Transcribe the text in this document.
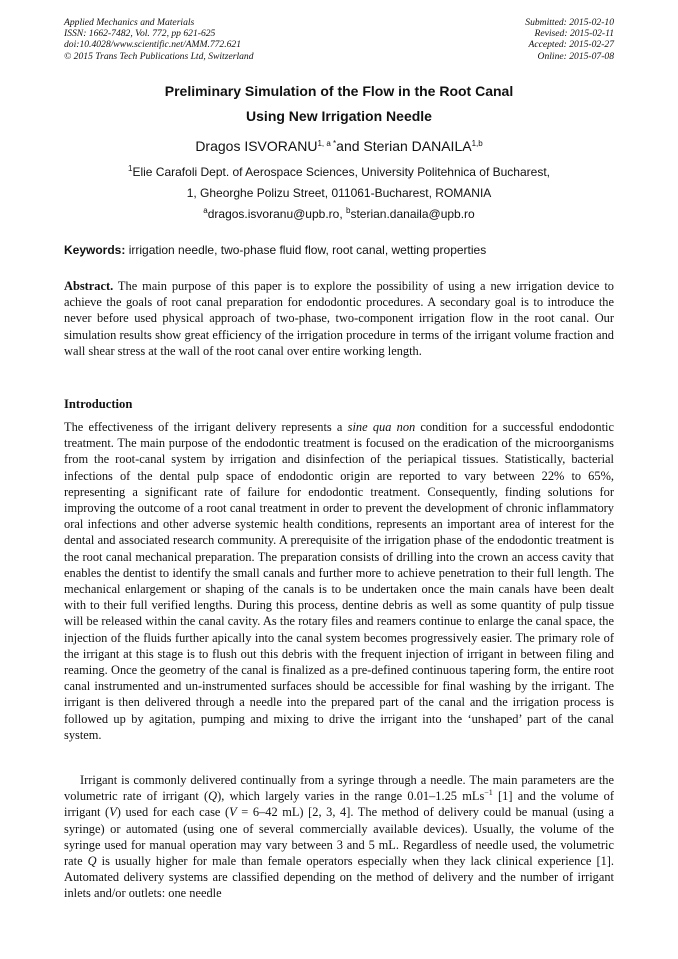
Applied Mechanics and Materials
ISSN: 1662-7482, Vol. 772, pp 621-625
doi:10.4028/www.scientific.net/AMM.772.621
© 2015 Trans Tech Publications Ltd, Switzerland
Submitted: 2015-02-10
Revised: 2015-02-11
Accepted: 2015-02-27
Online: 2015-07-08
Preliminary Simulation of the Flow in the Root Canal
Using New Irrigation Needle
Dragos $ISVORANU^{1, a *}and$ Sterian DANAILA$^{1,b}$
$^1$Elie Carafoli Dept. of Aerospace Sciences, University Politehnica of Bucharest,
1, Gheorghe Polizu Street, 011061-Bucharest, ROMANIA
$^a$dragos.isvoranu@upb.ro, $^b$sterian.danaila@upb.ro
Keywords: irrigation needle, two-phase fluid flow, root canal, wetting properties

Abstract. The main purpose of this paper is to explore the possibility of using a new irrigation device to achieve the goals of root canal preparation for endodontic procedures. A secondary goal is to introduce the never before used physical approach of two-phase, two-component irrigation flow in the root canal. Our simulation results show great efficiency of the irrigation procedure in terms of the irrigant volume fraction and wall shear stress at the wall of the root canal over entire working length.

Introduction

The effectiveness of the irrigant delivery represents a sine qua non condition for a successful endodontic treatment. The main purpose of the endodontic treatment is focused on the eradication of the microorganisms from the root-canal system by irrigation and disinfection of the periapical tissues. Statistically, bacterial infections of the dental pulp space of endodontic origin are reported to vary between 22% to 65%, representing a significant rate of failure for endodontic treatment. Consequently, finding solutions for improving the outcome of a root canal treatment in order to prevent the development of chronic inflammatory oral infections and other adverse systemic health conditions, represents an important area of interest for the dental and associated research community. A prerequisite of the irrigation phase of the endodontic treatment is the root canal mechanical preparation. The preparation consists of drilling into the crown an access cavity that enables the dentist to identify the small canals and further more to achieve penetration to their full length. The mechanical enlargement or shaping of the canals is to be undertaken once the main canals have been dealt with to their full verified lengths. During this process, dentine debris as well as some quantity of pulp tissue will be released within the canal cavity. As the rotary files and reamers continue to enlarge the canal space, the injection of the fluids further apically into the canal system becomes progressively easier. The primary role of the irrigant at this stage is to flush out this debris with the frequent injection of irrigant in between filing and reaming. Once the geometry of the canal is finalized as a pre-defined continuous tapering form, the entire root canal instrumented and un-instrumented surfaces should be accessible for final washing by the irrigant. The irrigant is then delivered through a needle into the prepared part of the canal and the irrigation process is followed up by agitation, pumping and mixing to drive the irrigant into the ‘unshaped’ part of the canal system.

Irrigant is commonly delivered continually from a syringe through a needle. The main parameters are the volumetric rate of irrigant (Q), which largely varies in the range 0.01–1.25 mLs$^{-1}$ [1] and the volume of irrigant (V) used for each case (V = 6–42 mL) [2, 3, 4]. The method of delivery could be manual (using a syringe) or automated (using one of several commercially available devices). Usually, the volume of the syringe used for manual operation may vary between 3 and 5 mL. Regardless of needle used, the volumetric rate Q is usually higher for male than female operators especially when they lack clinical experience [1]. Automated delivery systems are classified depending on the method of delivery and the number of irrigant inlets and/or outlets: one needle
